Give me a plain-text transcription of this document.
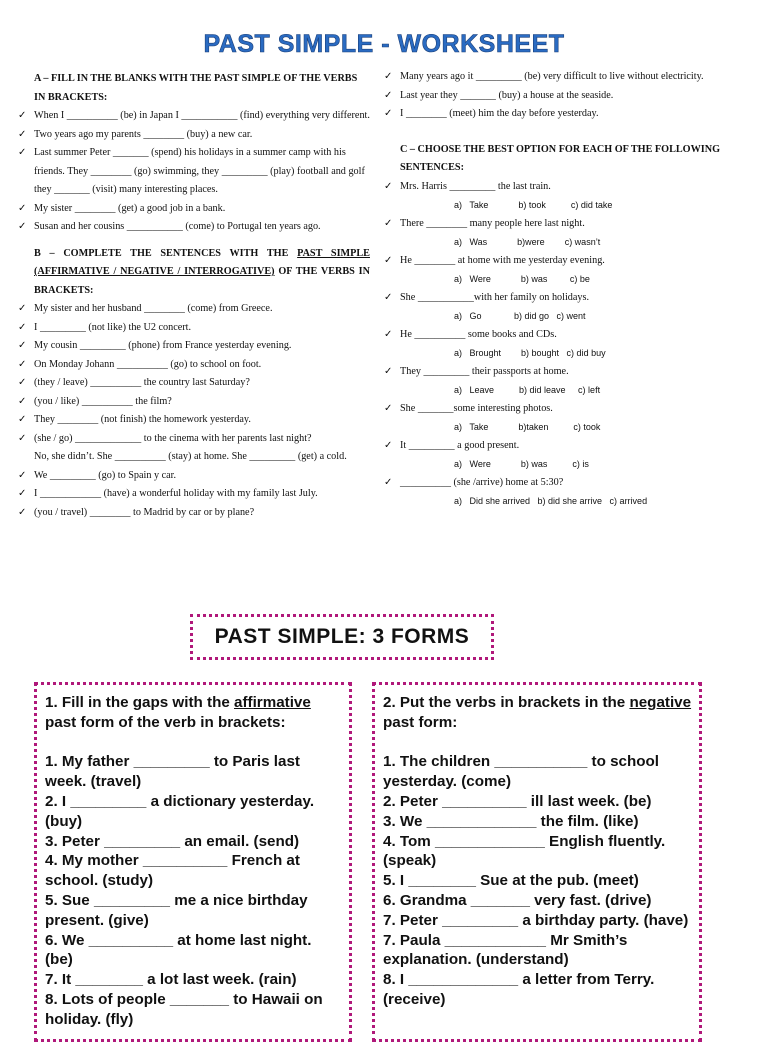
PAST SIMPLE - WORKSHEET
A – FILL IN THE BLANKS WITH THE PAST SIMPLE OF THE VERBS IN BRACKETS:
✓ When I __________ (be) in Japan I ___________ (find) everything very different.
✓ Two years ago my parents ________ (buy) a new car.
✓ Last summer Peter _______ (spend) his holidays in a summer camp with his friends. They ________ (go) swimming, they _________ (play) football and golf they _______ (visit) many interesting places.
✓ My sister ________ (get) a good job in a bank.
✓ Susan and her cousins ___________ (come) to Portugal ten years ago.
B – COMPLETE THE SENTENCES WITH THE PAST SIMPLE (AFFIRMATIVE / NEGATIVE / INTERROGATIVE) OF THE VERBS IN BRACKETS:
✓ My sister and her husband ________ (come) from Greece.
✓ I _________ (not like) the U2 concert.
✓ My cousin _________ (phone) from France yesterday evening.
✓ On Monday Johann __________ (go) to school on foot.
✓ (they / leave) __________ the country last Saturday?
✓ (you / like) __________ the film?
✓ They ________ (not finish) the homework yesterday.
✓ (she / go) _____________ to the cinema with her parents last night?
No, she didn’t. She __________ (stay) at home. She _________ (get) a cold.
✓ We _________ (go) to Spain y car.
✓ I ____________ (have) a wonderful holiday with my family last July.
✓ (you / travel) ________ to Madrid by car or by plane?
✓ Many years ago it _________ (be) very difficult to live without electricity.
✓ Last year they _______ (buy) a house at the seaside.
✓ I ________ (meet) him the day before yesterday.
C – CHOOSE THE BEST OPTION FOR EACH OF THE FOLLOWING SENTENCES:
✓ Mrs. Harris _________ the last train.
a)   Take            b) took          c) did take
✓ There ________ many people here last night.
a)   Was            b)were        c) wasn’t
✓ He ________ at home with me yesterday evening.
a)   Were            b) was         c) be
✓ She ___________with her family on holidays.
a)   Go             b) did go   c) went
✓ He __________ some books and CDs.
a)   Brought        b) bought   c) did buy
✓ They _________ their passports at home.
a)   Leave          b) did leave     c) left
✓ She _______some interesting photos.
a)   Take            b)taken          c) took
✓ It _________ a good present.
a)   Were            b) was          c) is
✓ __________ (she /arrive) home at 5:30?
a)   Did she arrived   b) did she arrive   c) arrived
PAST SIMPLE: 3 FORMS

1. Fill in the gaps with the affirmative past form of the verb in brackets:

1. My father _________ to Paris last week. (travel)

2. I _________ a dictionary yesterday. (buy)

3. Peter _________ an email. (send)

4. My mother __________ French at school. (study)

5. Sue _________ me a nice birthday present. (give)

6. We __________ at home last night. (be)

7. It ________ a lot last week. (rain)

8. Lots of people _______ to Hawaii on holiday. (fly)

2. Put the verbs in brackets in the negative past form:

1. The children ___________ to school yesterday. (come)

2. Peter __________ ill last week. (be)

3. We _____________ the film. (like)

4. Tom _____________ English fluently. (speak)

5. I ________ Sue at the pub. (meet)

6. Grandma _______ very fast. (drive)

7. Peter _________ a birthday party. (have)

7. Paula ____________ Mr Smith’s explanation. (understand)

8. I _____________ a letter from Terry. (receive)
